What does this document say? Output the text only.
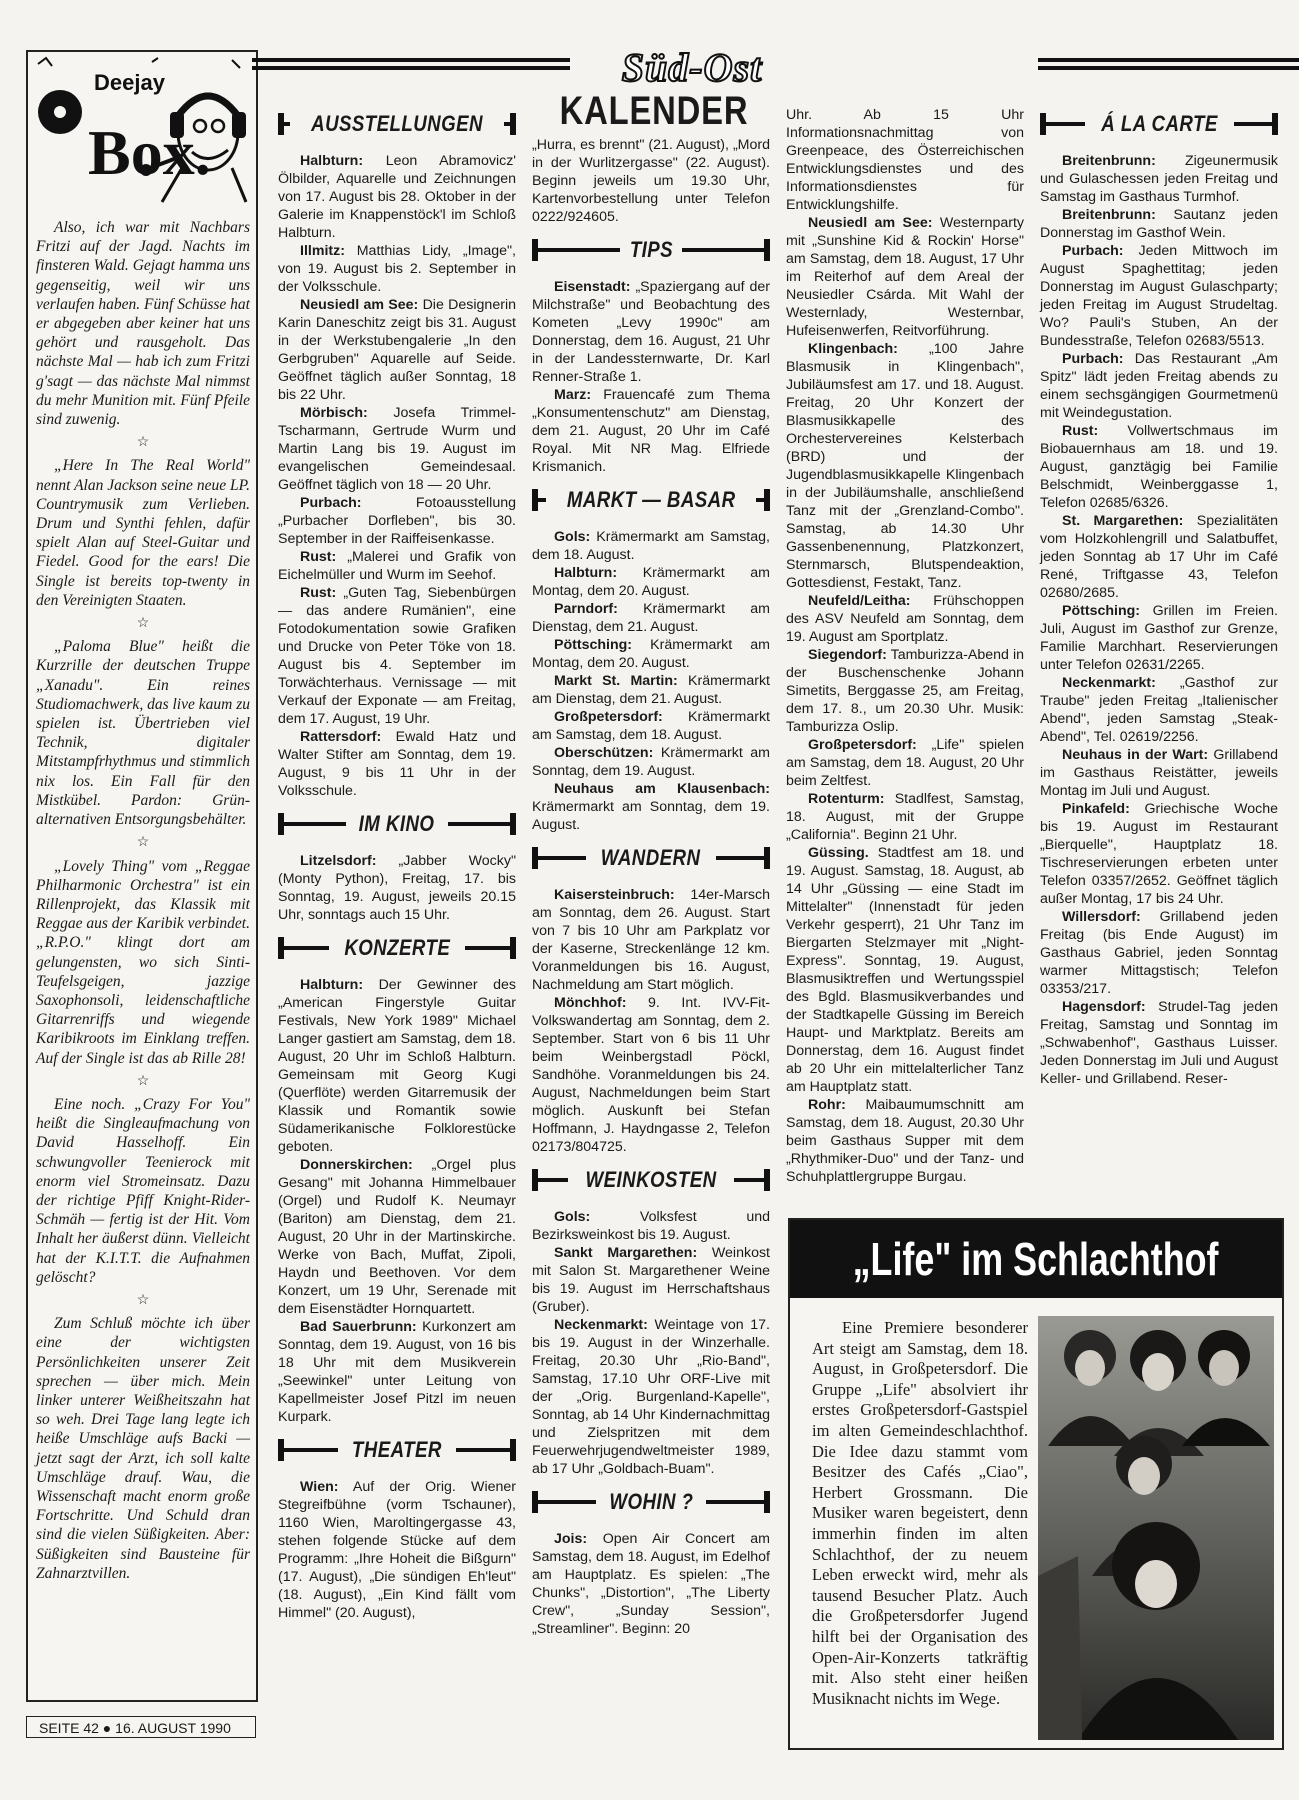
Deejay
Box.

Also, ich war mit Nachbars Fritzi auf der Jagd. Nachts im finsteren Wald. Gejagt hamma uns gegenseitig, weil wir uns verlaufen haben. Fünf Schüsse hat er abgegeben aber keiner hat uns gehört und rausgeholt. Das nächste Mal — hab ich zum Fritzi g'sagt — das nächste Mal nimmst du mehr Munition mit. Fünf Pfeile sind zuwenig.

☆

„Here In The Real World" nennt Alan Jackson seine neue LP. Countrymusik zum Verlieben. Drum und Synthi fehlen, dafür spielt Alan auf Steel-Guitar und Fiedel. Good for the ears! Die Single ist bereits top-twenty in den Vereinigten Staaten.

☆

„Paloma Blue" heißt die Kurzrille der deutschen Truppe „Xanadu". Ein reines Studiomachwerk, das live kaum zu spielen ist. Übertrieben viel Technik, digitaler Mitstampfrhythmus und stimmlich nix los. Ein Fall für den Mistkübel. Pardon: Grün-alternativen Entsorgungsbehälter.

☆

„Lovely Thing" vom „Reggae Philharmonic Orchestra" ist ein Rillenprojekt, das Klassik mit Reggae aus der Karibik verbindet. „R.P.O." klingt dort am gelungensten, wo sich Sinti-Teufelsgeigen, jazzige Saxophonsoli, leidenschaftliche Gitarrenriffs und wiegende Karibikroots im Einklang treffen. Auf der Single ist das ab Rille 28!

☆

Eine noch. „Crazy For You" heißt die Singleaufmachung von David Hasselhoff. Ein schwungvoller Teenierock mit enorm viel Stromeinsatz. Dazu der richtige Pfiff Knight-Rider-Schmäh — fertig ist der Hit. Vom Inhalt her äußerst dünn. Vielleicht hat der K.I.T.T. die Aufnahmen gelöscht?

☆

Zum Schluß möchte ich über eine der wichtigsten Persönlichkeiten unserer Zeit sprechen — über mich. Mein linker unterer Weißheitszahn hat so weh. Drei Tage lang legte ich heiße Umschläge aufs Backi — jetzt sagt der Arzt, ich soll kalte Umschläge drauf. Wau, die Wissenschaft macht enorm große Fortschritte. Und Schuld dran sind die vielen Süßigkeiten. Aber: Süßigkeiten sind Bausteine für Zahnarztvillen.

SEITE 42 ● 16. AUGUST 1990
Süd-Ost
KALENDER
AUSSTELLUNGEN

Halbturn: Leon Abramovicz' Ölbilder, Aquarelle und Zeichnungen von 17. August bis 28. Oktober in der Galerie im Knappenstöck'l im Schloß Halbturn.

Illmitz: Matthias Lidy, „Image", von 19. August bis 2. September in der Volksschule.

Neusiedl am See: Die Designerin Karin Daneschitz zeigt bis 31. August in der Werkstubengalerie „In den Gerbgruben" Aquarelle auf Seide. Geöffnet täglich außer Sonntag, 18 bis 22 Uhr.

Mörbisch: Josefa Trimmel-Tscharmann, Gertrude Wurm und Martin Lang bis 19. August im evangelischen Gemeindesaal. Geöffnet täglich von 18 — 20 Uhr.

Purbach:	Fotoausstellung „Purbacher Dorfleben", bis 30. September in der Raiffeisenkasse.

Rust: „Malerei und Grafik von Eichelmüller und Wurm im Seehof.

Rust: „Guten Tag, Siebenbürgen — das andere Rumänien", eine Fotodokumentation sowie Grafiken und Drucke von Peter Töke von 18. August bis 4. September im Torwächterhaus. Vernissage — mit Verkauf der Exponate — am Freitag, dem 17. August, 19 Uhr.

Rattersdorf: Ewald Hatz und Walter Stifter am Sonntag, dem 19. August, 9 bis 11 Uhr in der Volksschule.

IM KINO

Litzelsdorf: „Jabber Wocky" (Monty Python), Freitag, 17. bis Sonntag, 19. August, jeweils 20.15 Uhr, sonntags auch 15 Uhr.

KONZERTE

Halbturn: Der Gewinner des „American Fingerstyle Guitar Festivals, New York 1989" Michael Langer gastiert am Samstag, dem 18. August, 20 Uhr im Schloß Halbturn. Gemeinsam mit Georg Kugi (Querflöte) werden Gitarremusik der Klassik und Romantik sowie Südamerikanische Folklorestücke geboten.

Donnerskirchen: „Orgel plus Gesang" mit Johanna Himmelbauer (Orgel) und Rudolf K. Neumayr (Bariton) am Dienstag, dem 21. August, 20 Uhr in der Martinskirche. Werke von Bach, Muffat, Zipoli, Haydn und Beethoven. Vor dem Konzert, um 19 Uhr, Serenade mit dem Eisenstädter Hornquartett.

Bad Sauerbrunn: Kurkonzert am Sonntag, dem 19. August, von 16 bis 18 Uhr mit dem Musikverein „Seewinkel" unter Leitung von Kapellmeister Josef Pitzl im neuen Kurpark.

THEATER

Wien: Auf der Orig. Wiener Stegreifbühne (vorm Tschauner), 1160 Wien, Maroltingergasse 43, stehen folgende Stücke auf dem Programm: „Ihre Hoheit die Bißgurn" (17. August), „Die sündigen Eh'leut" (18. August), „Ein Kind fällt vom Himmel" (20. August),

„Hurra, es brennt" (21. August), „Mord in der Wurlitzergasse" (22. August). Beginn jeweils um 19.30 Uhr, Kartenvorbestellung unter Telefon 0222/924605.

TIPS

Eisenstadt: „Spaziergang auf der Milchstraße" und Beobachtung des Kometen „Levy 1990c" am Donnerstag, dem 16. August, 21 Uhr in der Landessternwarte, Dr. Karl Renner-Straße 1.

Marz: Frauencafé zum Thema „Konsumentenschutz" am Dienstag, dem 21. August, 20 Uhr im Café Royal. Mit NR Mag. Elfriede Krismanich.

MARKT — BASAR

Gols: Krämermarkt am Samstag, dem 18. August.

Halbturn: Krämermarkt am Montag, dem 20. August.

Parndorf: Krämermarkt am Dienstag, dem 21. August.

Pöttsching: Krämermarkt am Montag, dem 20. August.

Markt St. Martin: Krämermarkt am Dienstag, dem 21. August.

Großpetersdorf: Krämermarkt am Samstag, dem 18. August.

Oberschützen: Krämermarkt am Sonntag, dem 19. August.

Neuhaus am Klausenbach: Krämermarkt am Sonntag, dem 19. August.

WANDERN

Kaisersteinbruch: 14er-Marsch am Sonntag, dem 26. August. Start von 7 bis 10 Uhr am Parkplatz vor der Kaserne, Streckenlänge 12 km. Voranmeldungen bis 16. August, Nachmeldung am Start möglich.

Mönchhof: 9. Int. IVV-Fit-Volkswandertag am Sonntag, dem 2. September. Start von 6 bis 11 Uhr beim Weinbergstadl Pöckl, Sandhöhe. Voranmeldungen bis 24. August, Nachmeldungen beim Start möglich. Auskunft bei Stefan Hoffmann, J. Haydngasse 2, Telefon 02173/804725.

WEINKOSTEN

Gols:	Volksfest und Bezirksweinkost bis 19. August.

Sankt Margarethen: Weinkost mit Salon St. Margarethener Weine bis 19. August im Herrschaftshaus (Gruber).

Neckenmarkt: Weintage von 17. bis 19. August in der Winzerhalle. Freitag, 20.30 Uhr „Rio-Band", Samstag, 17.10 Uhr ORF-Live mit der „Orig. Burgenland-Kapelle", Sonntag, ab 14 Uhr Kindernachmittag und Zielspritzen mit dem Feuerwehrjugendweltmeister 1989, ab 17 Uhr „Goldbach-Buam".

WOHIN ?

Jois: Open Air Concert am Samstag, dem 18. August, im Edelhof am Hauptplatz. Es spielen: „The Chunks", „Distortion", „The Liberty Crew", „Sunday Session", „Streamliner". Beginn: 20

Uhr. Ab 15 Uhr Informationsnachmittag von Greenpeace, des Österreichischen Entwicklungsdienstes und des Informationsdienstes für Entwicklungshilfe.

Neusiedl am See: Westernparty mit „Sunshine Kid & Rockin' Horse" am Samstag, dem 18. August, 17 Uhr im Reiterhof auf dem Areal der Neusiedler Csárda. Mit Wahl der Westernlady, Westernbar, Hufeisenwerfen, Reitvorführung.

Klingenbach: „100 Jahre Blasmusik in Klingenbach", Jubiläumsfest am 17. und 18. August. Freitag, 20 Uhr Konzert der Blasmusikkapelle des Orchestervereines Kelsterbach (BRD) und der Jugendblasmusikkapelle Klingenbach in der Jubiläumshalle, anschließend Tanz mit der „Grenzland-Combo". Samstag, ab 14.30 Uhr Gassenbenennung, Platzkonzert, Sternmarsch, Blutspendeaktion, Gottesdienst, Festakt, Tanz.

Neufeld/Leitha: Frühschoppen des ASV Neufeld am Sonntag, dem 19. August am Sportplatz.

Siegendorf: Tamburizza-Abend in der Buschenschenke Johann Simetits, Berggasse 25, am Freitag, dem 17. 8., um 20.30 Uhr. Musik: Tamburizza Oslip.

Großpetersdorf: „Life" spielen am Samstag, dem 18. August, 20 Uhr beim Zeltfest.

Rotenturm: Stadlfest, Samstag, 18. August, mit der Gruppe „California". Beginn 21 Uhr.

Güssing. Stadtfest am 18. und 19. August. Samstag, 18. August, ab 14 Uhr „Güssing — eine Stadt im Mittelalter" (Innenstadt für jeden Verkehr gesperrt), 21 Uhr Tanz im Biergarten Stelzmayer mit „Night-Express". Sonntag, 19. August, Blasmusiktreffen und Wertungsspiel des Bgld. Blasmusikverbandes und der Stadtkapelle Güssing im Bereich Haupt- und Marktplatz. Bereits am Donnerstag, dem 16. August findet ab 20 Uhr ein mittelalterlicher Tanz am Hauptplatz statt.

Rohr: Maibaumumschnitt am Samstag, dem 18. August, 20.30 Uhr beim Gasthaus Supper mit dem „Rhythmiker-Duo" und der Tanz- und Schuhplattlergruppe Burgau.

Á LA CARTE

Breitenbrunn: Zigeunermusik und Gulaschessen jeden Freitag und Samstag im Gasthaus Turmhof.

Breitenbrunn: Sautanz jeden Donnerstag im Gasthof Wein.

Purbach: Jeden Mittwoch im August Spaghettitag; jeden Donnerstag im August Gulaschparty; jeden Freitag im August Strudeltag. Wo? Pauli's Stuben, An der Bundesstraße, Telefon 02683/5513.

Purbach: Das Restaurant „Am Spitz" lädt jeden Freitag abends zu einem sechsgängigen Gourmetmenü mit Weindegustation.

Rust: Vollwertschmaus im Biobauernhaus am 18. und 19. August, ganztägig bei Familie Belschmidt, Weinberggasse 1, Telefon 02685/6326.

St. Margarethen: Spezialitäten vom Holzkohlengrill und Salatbuffet, jeden Sonntag ab 17 Uhr im Café René, Triftgasse 43, Telefon 02680/2685.

Pöttsching: Grillen im Freien. Juli, August im Gasthof zur Grenze, Familie Marchhart. Reservierungen unter Telefon 02631/2265.

Neckenmarkt: „Gasthof zur Traube" jeden Freitag „Italienischer Abend", jeden Samstag „Steak-Abend", Tel. 02619/2256.

Neuhaus in der Wart: Grillabend im Gasthaus Reistätter, jeweils Montag im Juli und August.

Pinkafeld: Griechische Woche bis 19. August im Restaurant „Bierquelle", Hauptplatz 18. Tischreservierungen erbeten unter Telefon 03357/2652. Geöffnet täglich außer Montag, 17 bis 24 Uhr.

Willersdorf: Grillabend jeden Freitag (bis Ende August) im Gasthaus Gabriel, jeden Sonntag warmer Mittagstisch; Telefon 03353/217.

Hagensdorf: Strudel-Tag jeden Freitag, Samstag und Sonntag im „Schwabenhof", Gasthaus Luisser. Jeden Donnerstag im Juli und August Keller- und Grillabend. Reser-

„Life" im Schlachthof

Eine Premiere besonderer Art steigt am Samstag, dem 18. August, in Großpetersdorf. Die Gruppe „Life" absolviert ihr erstes Großpetersdorf-Gastspiel im alten Gemeindeschlachthof. Die Idee dazu stammt vom Besitzer des Cafés „Ciao", Herbert Grossmann. Die Musiker waren begeistert, denn immerhin finden im alten Schlachthof, der zu neuem Leben erweckt wird, mehr als tausend Besucher Platz. Auch die Großpetersdorfer Jugend hilft bei der Organisation des Open-Air-Konzerts tatkräftig mit. Also steht einer heißen Musiknacht nichts im Wege.
